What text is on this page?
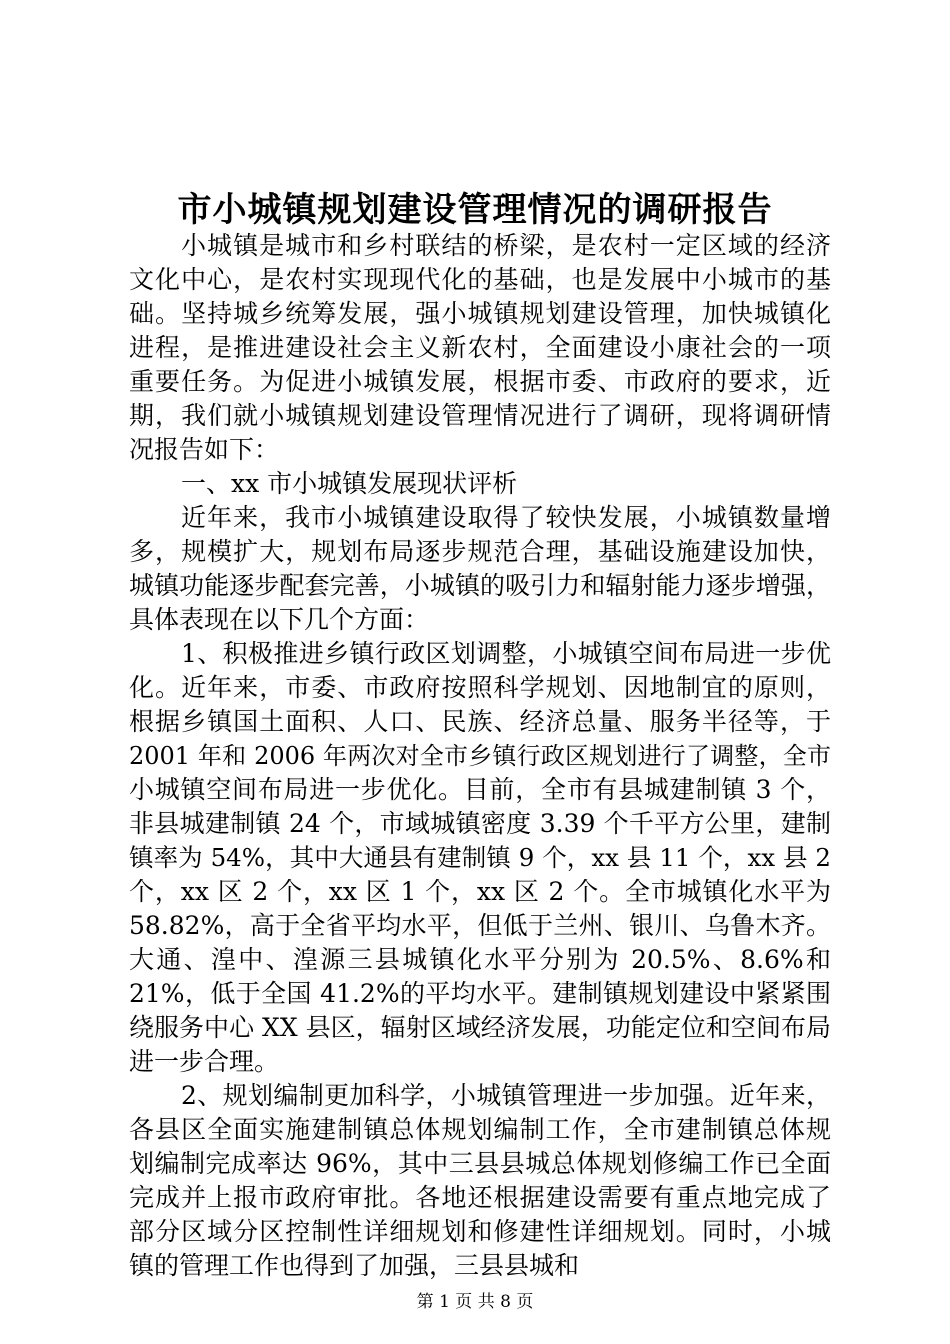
市小城镇规划建设管理情况的调研报告
小城镇是城市和乡村联结的桥梁，是农村一定区域的经济
文化中心，是农村实现现代化的基础，也是发展中小城市的基
础。坚持城乡统筹发展，强小城镇规划建设管理，加快城镇化
进程，是推进建设社会主义新农村，全面建设小康社会的一项
重要任务。为促进小城镇发展，根据市委、市政府的要求，近
期，我们就小城镇规划建设管理情况进行了调研，现将调研情
况报告如下：
一、xx 市小城镇发展现状评析
近年来，我市小城镇建设取得了较快发展，小城镇数量增
多，规模扩大，规划布局逐步规范合理，基础设施建设加快，
城镇功能逐步配套完善，小城镇的吸引力和辐射能力逐步增强，
具体表现在以下几个方面：
1、积极推进乡镇行政区划调整，小城镇空间布局进一步优
化。近年来，市委、市政府按照科学规划、因地制宜的原则，
根据乡镇国土面积、人口、民族、经济总量、服务半径等，于
2001 年和 2006 年两次对全市乡镇行政区规划进行了调整，全市
小城镇空间布局进一步优化。目前，全市有县城建制镇 3 个，
非县城建制镇 24 个，市域城镇密度 3.39 个千平方公里，建制
镇率为 54%，其中大通县有建制镇 9 个，xx 县 11 个，xx 县 2
个，xx 区 2 个，xx 区 1 个，xx 区 2 个。全市城镇化水平为
58.82%，高于全省平均水平，但低于兰州、银川、乌鲁木齐。
大通、湟中、湟源三县城镇化水平分别为 20.5%、8.6%和
21%，低于全国 41.2%的平均水平。建制镇规划建设中紧紧围
绕服务中心 XX 县区，辐射区域经济发展，功能定位和空间布局
进一步合理。
2、规划编制更加科学，小城镇管理进一步加强。近年来，
各县区全面实施建制镇总体规划编制工作，全市建制镇总体规
划编制完成率达 96%，其中三县县城总体规划修编工作已全面
完成并上报市政府审批。各地还根据建设需要有重点地完成了
部分区域分区控制性详细规划和修建性详细规划。同时，小城
镇的管理工作也得到了加强，三县县城和
第 1 页 共 8 页
